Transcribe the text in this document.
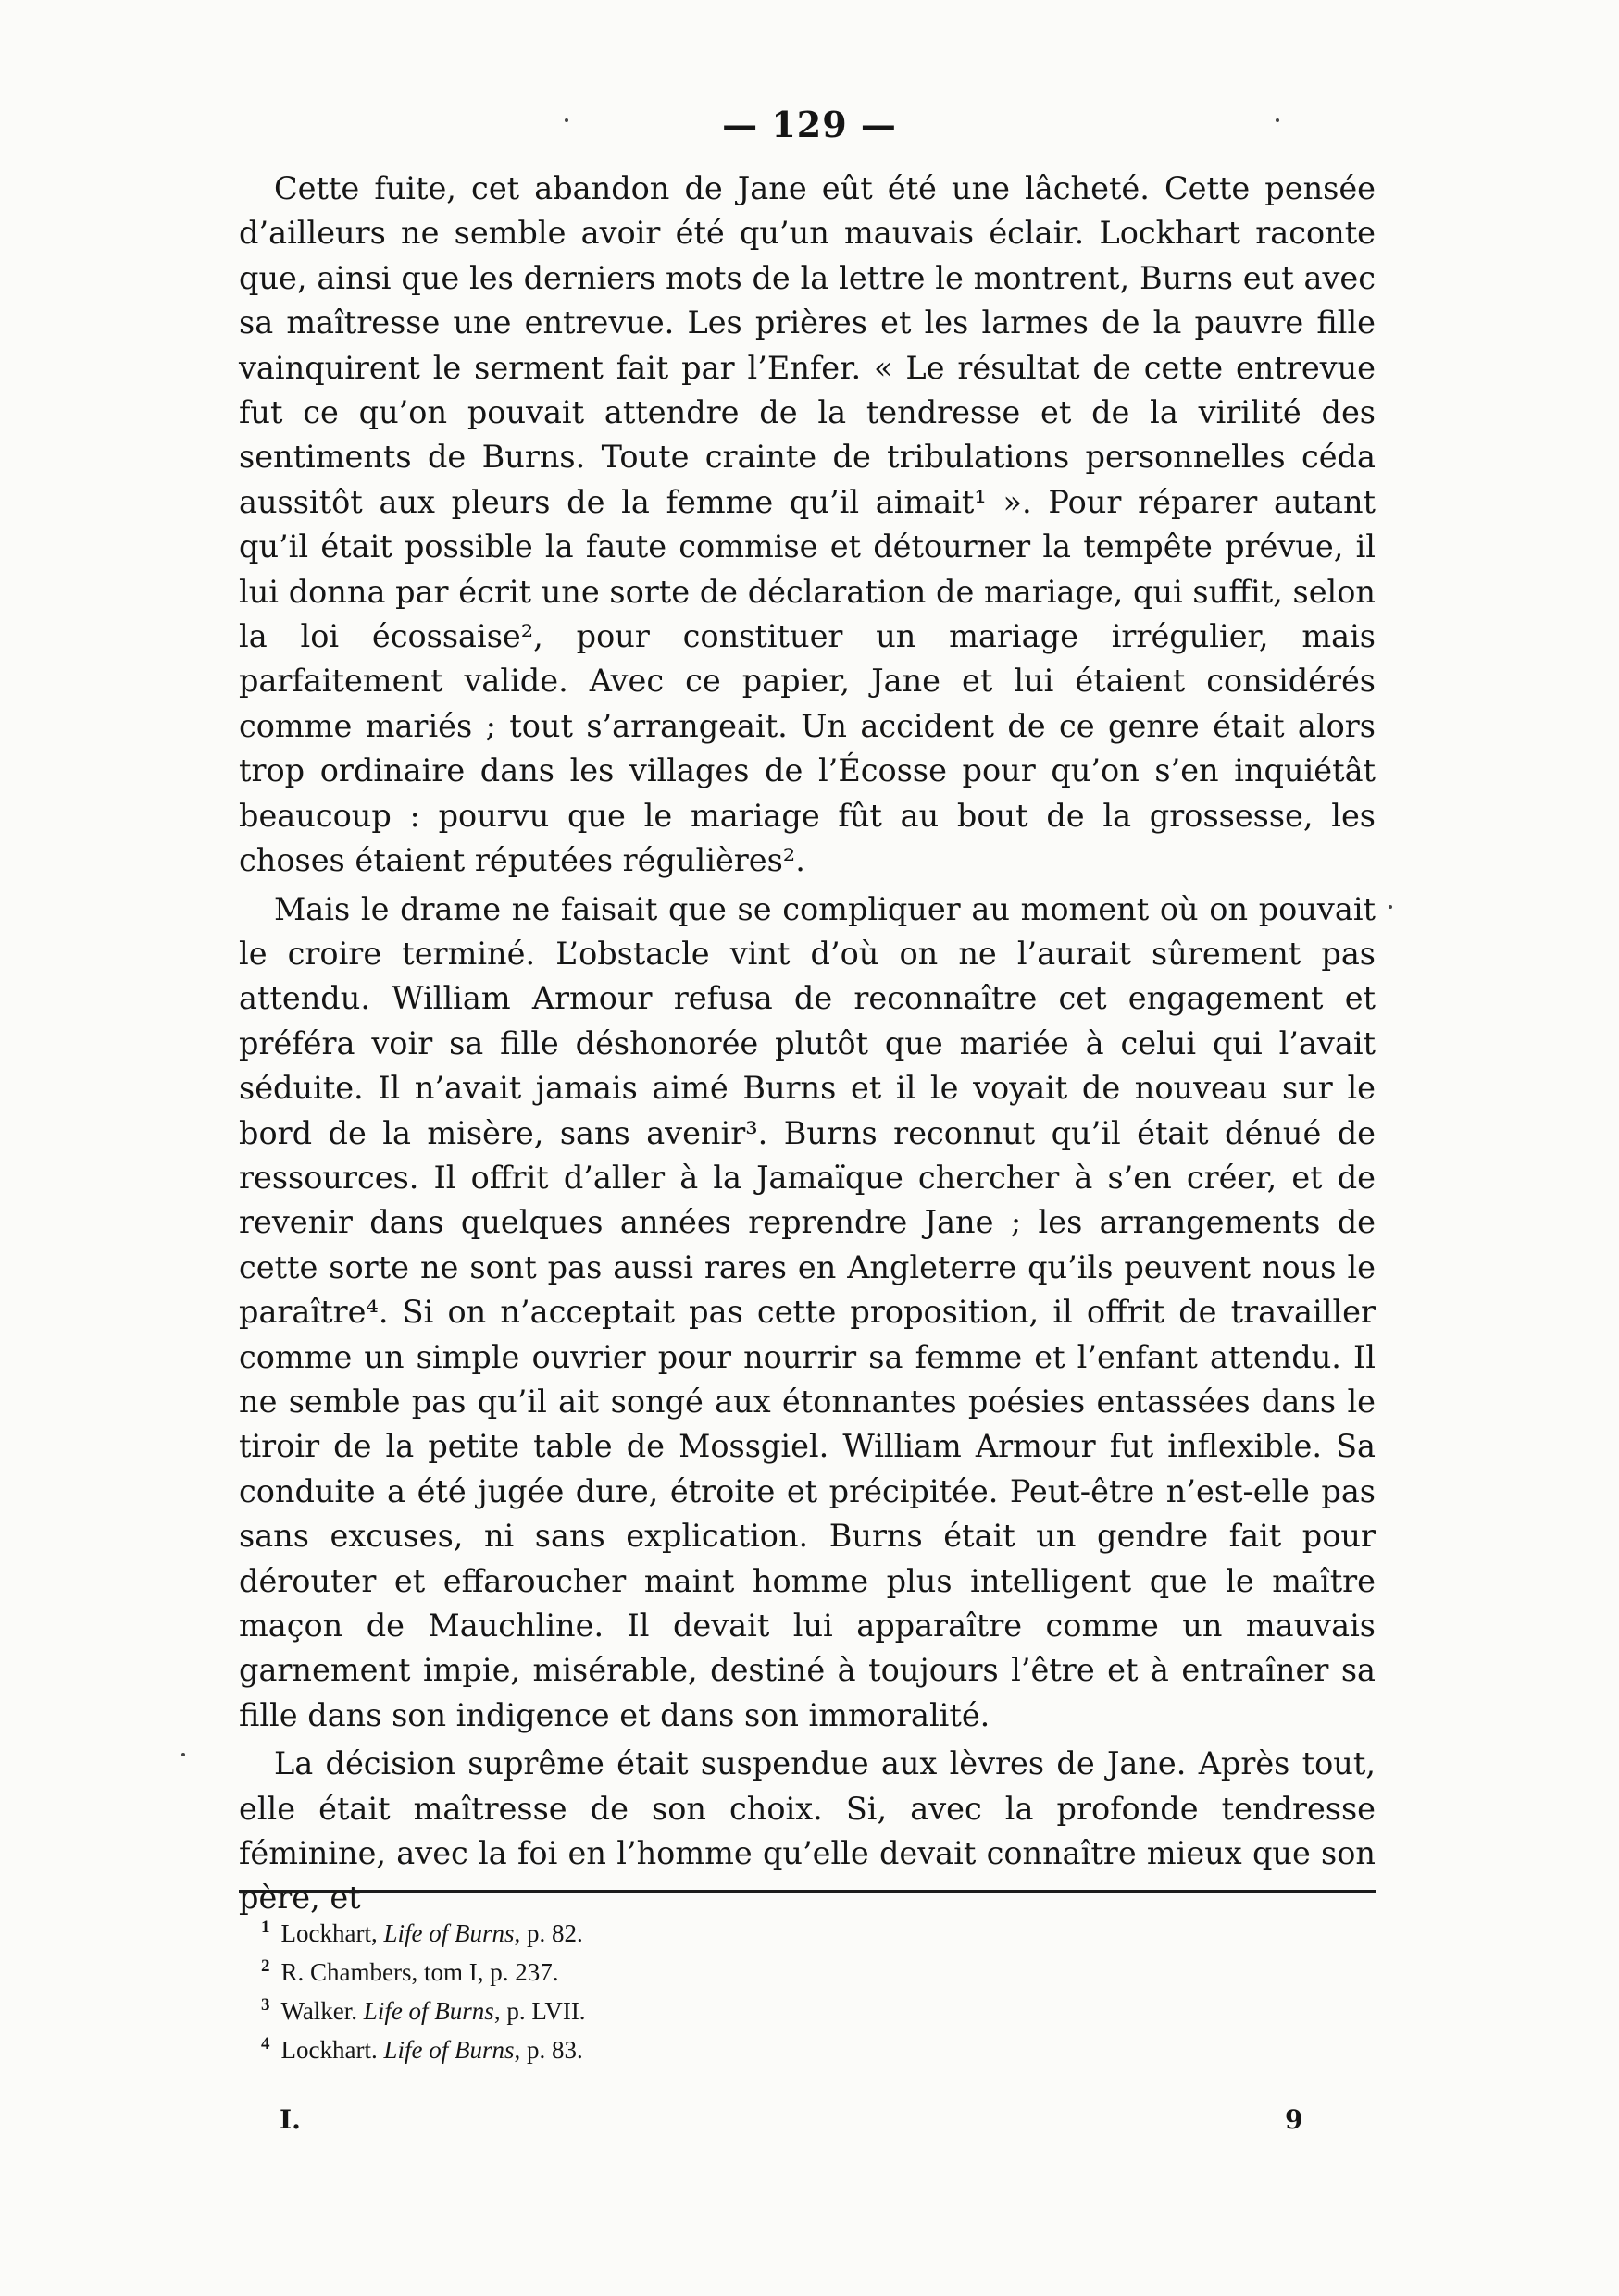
— 129 —

Cette fuite, cet abandon de Jane eût été une lâcheté. Cette pensée d’ailleurs ne semble avoir été qu’un mauvais éclair. Lockhart raconte que, ainsi que les derniers mots de la lettre le montrent, Burns eut avec sa maîtresse une entrevue. Les prières et les larmes de la pauvre fille vainquirent le serment fait par l’Enfer. « Le résultat de cette entrevue fut ce qu’on pouvait attendre de la tendresse et de la virilité des sentiments de Burns. Toute crainte de tribulations personnelles céda aussitôt aux pleurs de la femme qu’il aimait¹ ». Pour réparer autant qu’il était possible la faute commise et détourner la tempête prévue, il lui donna par écrit une sorte de déclaration de mariage, qui suffit, selon la loi écossaise², pour constituer un mariage irrégulier, mais parfaitement valide. Avec ce papier, Jane et lui étaient considérés comme mariés ; tout s’arrangeait. Un accident de ce genre était alors trop ordinaire dans les villages de l’Écosse pour qu’on s’en inquiétât beaucoup : pourvu que le mariage fût au bout de la grossesse, les choses étaient réputées régulières².

Mais le drame ne faisait que se compliquer au moment où on pouvait le croire terminé. L’obstacle vint d’où on ne l’aurait sûrement pas attendu. William Armour refusa de reconnaître cet engagement et préféra voir sa fille déshonorée plutôt que mariée à celui qui l’avait séduite. Il n’avait jamais aimé Burns et il le voyait de nouveau sur le bord de la misère, sans avenir³. Burns reconnut qu’il était dénué de ressources. Il offrit d’aller à la Jamaïque chercher à s’en créer, et de revenir dans quelques années reprendre Jane ; les arrangements de cette sorte ne sont pas aussi rares en Angleterre qu’ils peuvent nous le paraître⁴. Si on n’acceptait pas cette proposition, il offrit de travailler comme un simple ouvrier pour nourrir sa femme et l’enfant attendu. Il ne semble pas qu’il ait songé aux étonnantes poésies entassées dans le tiroir de la petite table de Mossgiel. William Armour fut inflexible. Sa conduite a été jugée dure, étroite et précipitée. Peut-être n’est-elle pas sans excuses, ni sans explication. Burns était un gendre fait pour dérouter et effaroucher maint homme plus intelligent que le maître maçon de Mauchline. Il devait lui apparaître comme un mauvais garnement impie, misérable, destiné à toujours l’être et à entraîner sa fille dans son indigence et dans son immoralité.

La décision suprême était suspendue aux lèvres de Jane. Après tout, elle était maîtresse de son choix. Si, avec la profonde tendresse féminine, avec la foi en l’homme qu’elle devait connaître mieux que son père, et

$^1$ Lockhart, Life of Burns, p. 82.
$^2$ R. Chambers, tom I, p. 237.
$^3$ Walker. Life of Burns, p. LVII.
$^4$ Lockhart. Life of Burns, p. 83.
I.	9
